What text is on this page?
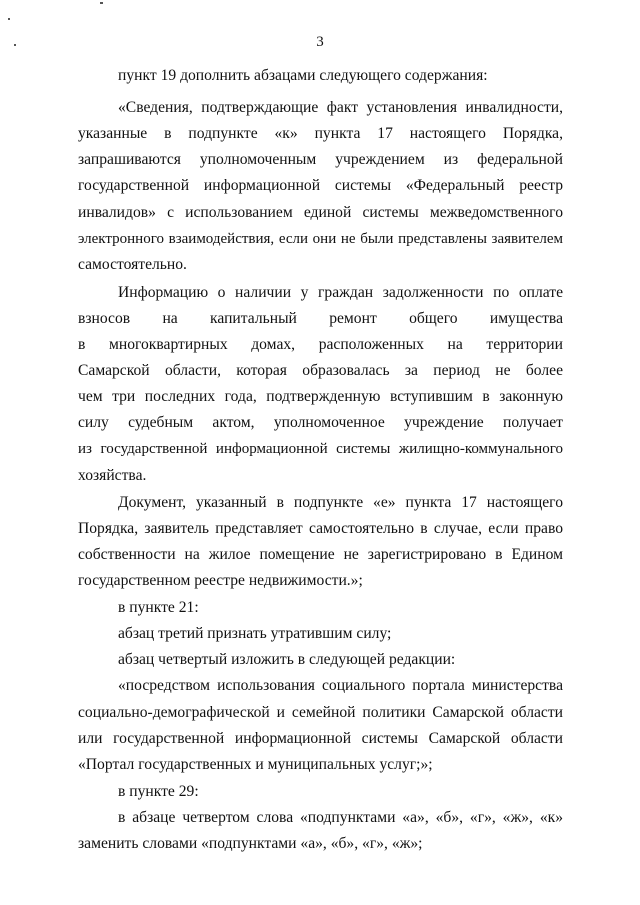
3
пункт 19 дополнить абзацами следующего содержания:
«Сведения, подтверждающие факт установления инвалидности,
указанные в подпункте «к» пункта 17 настоящего Порядка,
запрашиваются уполномоченным учреждением из федеральной
государственной информационной системы «Федеральный реестр
инвалидов» с использованием единой системы межведомственного
электронного взаимодействия, если они не были представлены заявителем
самостоятельно.
Информацию о наличии у граждан задолженности по оплате
взносов на капитальный ремонт общего имущества
в многоквартирных домах, расположенных на территории
Самарской области, которая образовалась за период не более
чем три последних года, подтвержденную вступившим в законную
силу судебным актом, уполномоченное учреждение получает
из государственной информационной системы жилищно-коммунального
хозяйства.
Документ, указанный в подпункте «е» пункта 17 настоящего
Порядка, заявитель представляет самостоятельно в случае, если право
собственности на жилое помещение не зарегистрировано в Едином
государственном реестре недвижимости.»;
в пункте 21:
абзац третий признать утратившим силу;
абзац четвертый изложить в следующей редакции:
«посредством использования социального портала министерства
социально-демографической и семейной политики Самарской области
или государственной информационной системы Самарской области
«Портал государственных и муниципальных услуг;»;
в пункте 29:
в абзаце четвертом слова «подпунктами «а», «б», «г», «ж», «к»
заменить словами «подпунктами «а», «б», «г», «ж»;
